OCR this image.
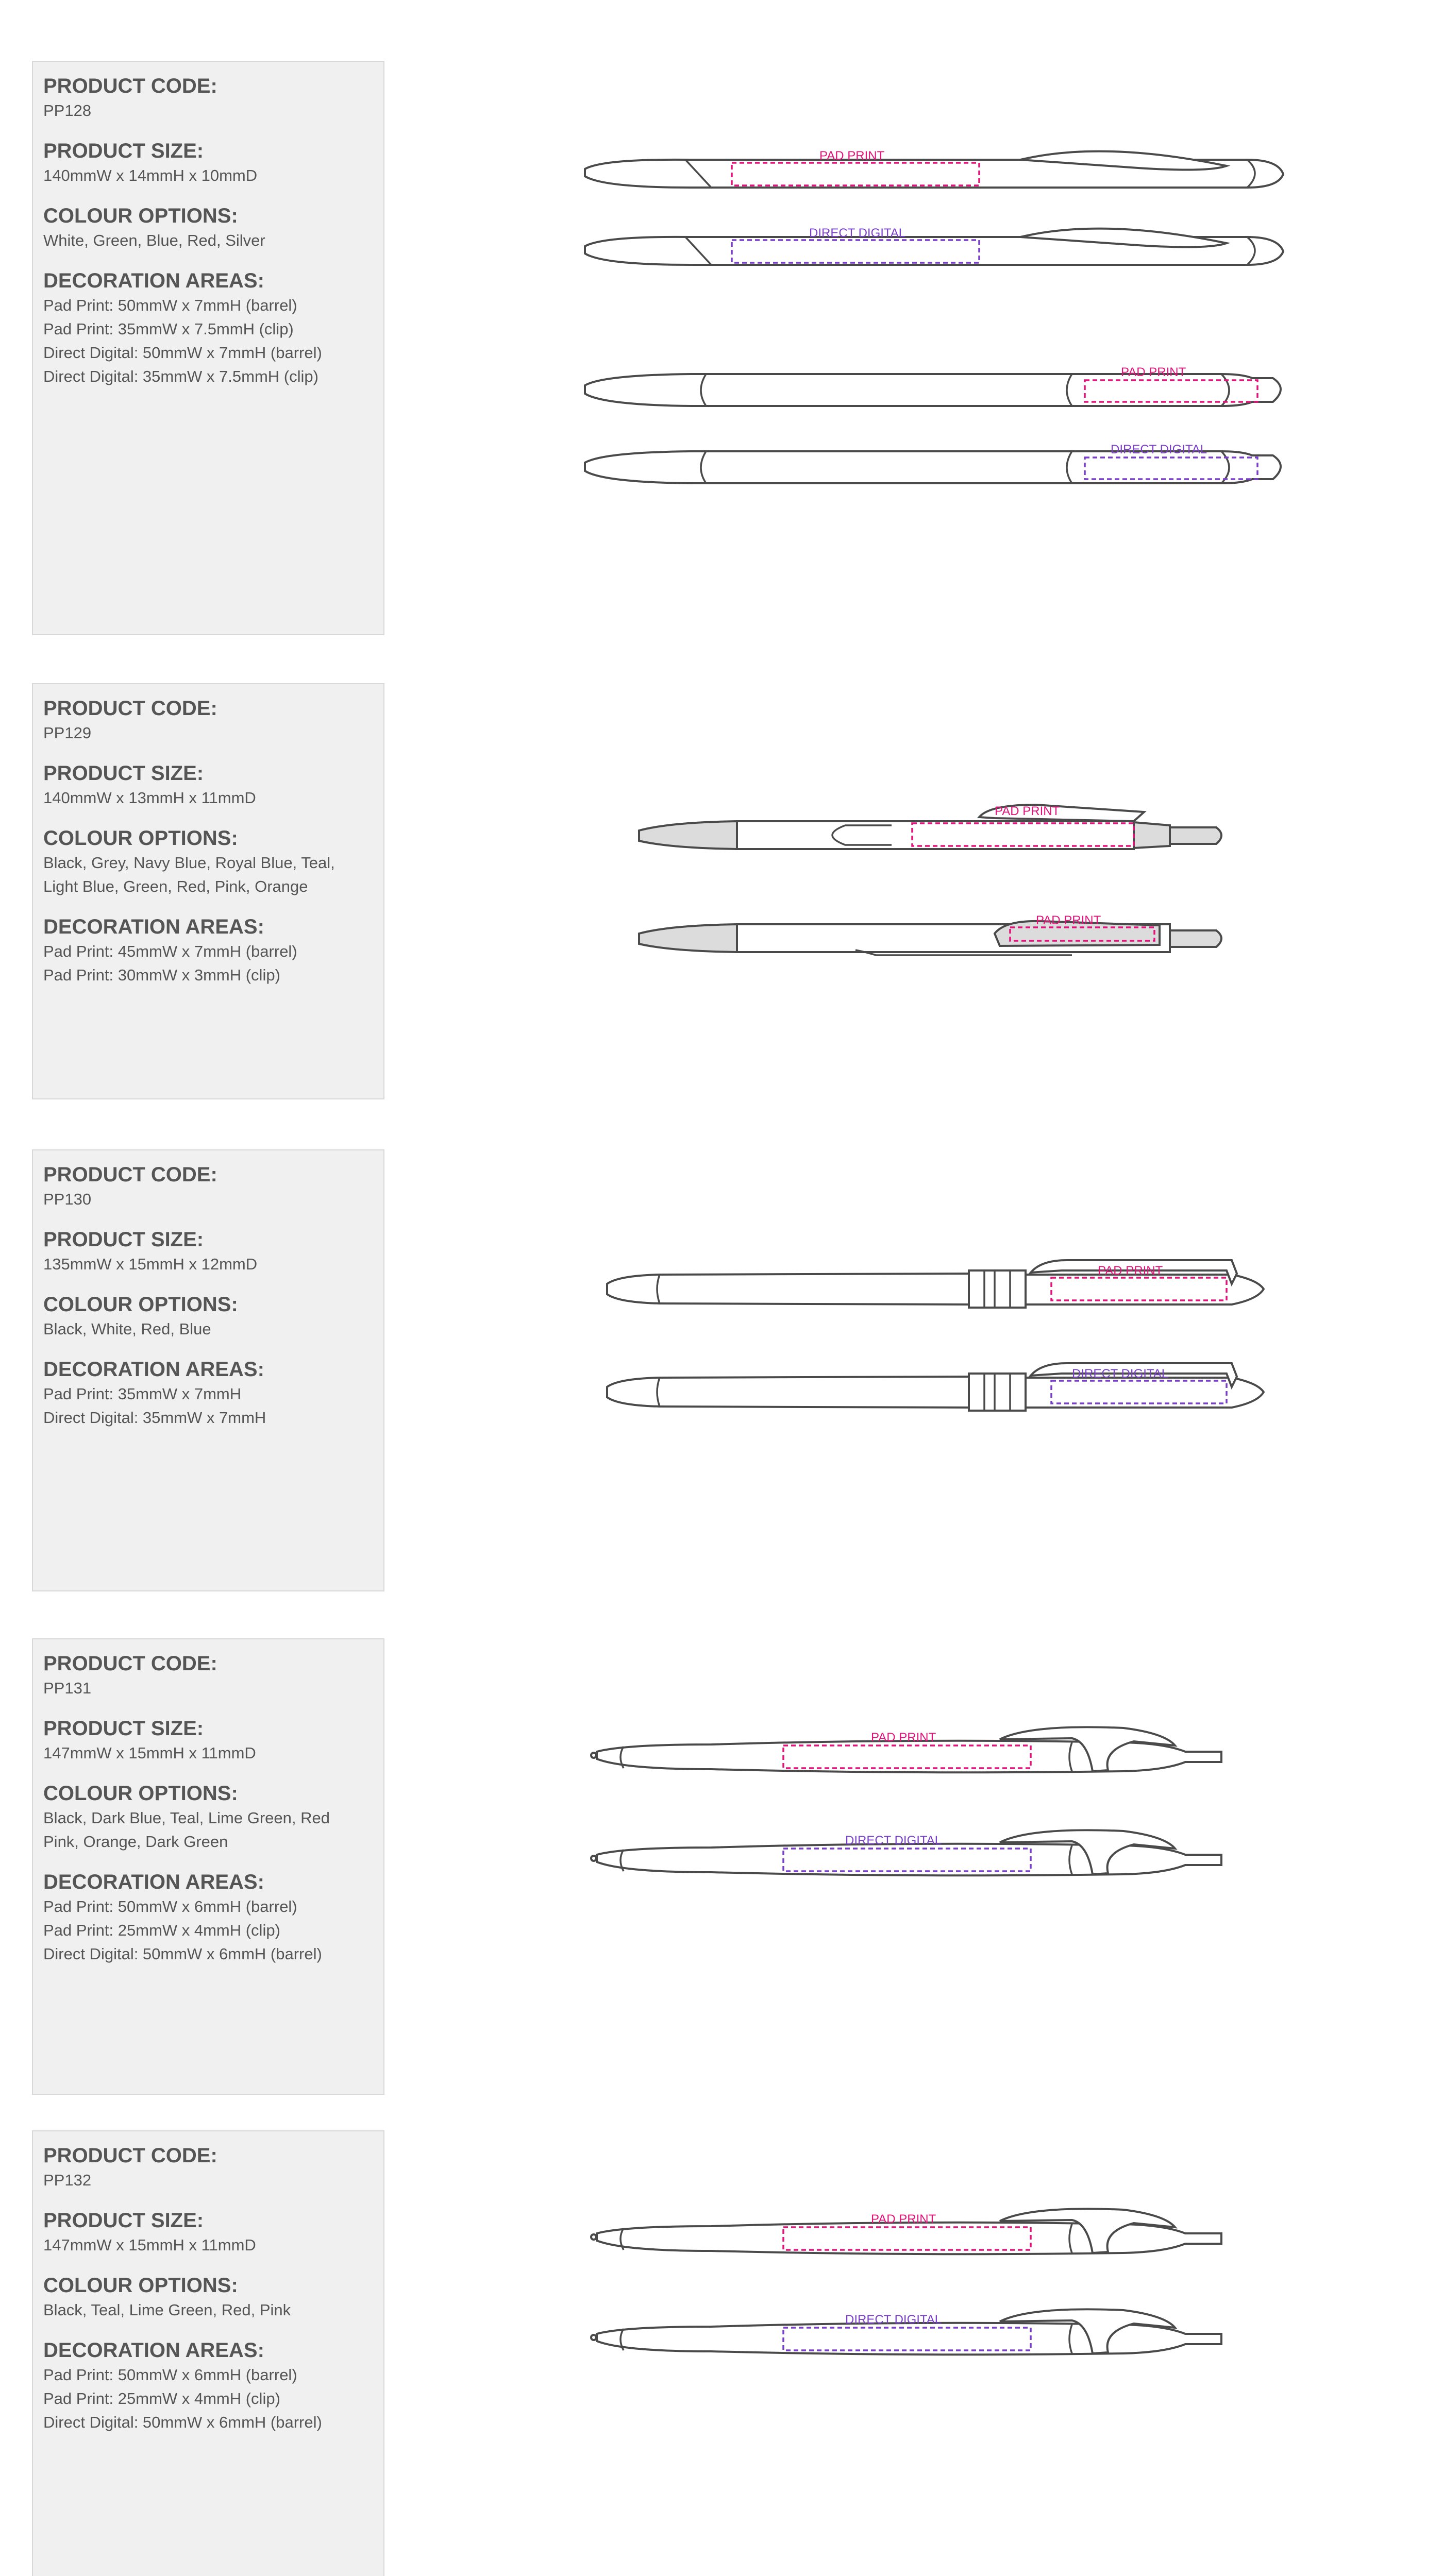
PRODUCT CODE:
PP128
PRODUCT SIZE:
140mmW x 14mmH x 10mmD
COLOUR OPTIONS:
White, Green, Blue, Red, Silver
DECORATION AREAS:
Pad Print: 50mmW x 7mmH (barrel)
Pad Print: 35mmW x 7.5mmH (clip)
Direct Digital: 50mmW x 7mmH (barrel)
Direct Digital: 35mmW x 7.5mmH (clip)
PAD PRINT
DIRECT DIGITAL
PAD PRINT
DIRECT DIGITAL
PRODUCT CODE:
PP129
PRODUCT SIZE:
140mmW x 13mmH x 11mmD
COLOUR OPTIONS:
Black, Grey, Navy Blue, Royal Blue, Teal,
Light Blue, Green, Red, Pink, Orange
DECORATION AREAS:
Pad Print: 45mmW x 7mmH (barrel)
Pad Print: 30mmW x 3mmH (clip)
PAD PRINT
PAD PRINT
PRODUCT CODE:
PP130
PRODUCT SIZE:
135mmW x 15mmH x 12mmD
COLOUR OPTIONS:
Black, White, Red, Blue
DECORATION AREAS:
Pad Print: 35mmW x 7mmH
Direct Digital: 35mmW x 7mmH
PAD PRINT
DIRECT DIGITAL
PRODUCT CODE:
PP131
PRODUCT SIZE:
147mmW x 15mmH x 11mmD
COLOUR OPTIONS:
Black, Dark Blue, Teal, Lime Green, Red
Pink, Orange, Dark Green
DECORATION AREAS:
Pad Print: 50mmW x 6mmH (barrel)
Pad Print: 25mmW x 4mmH (clip)
Direct Digital: 50mmW x 6mmH (barrel)
PAD PRINT
DIRECT DIGITAL
PRODUCT CODE:
PP132
PRODUCT SIZE:
147mmW x 15mmH x 11mmD
COLOUR OPTIONS:
Black, Teal, Lime Green, Red, Pink
DECORATION AREAS:
Pad Print: 50mmW x 6mmH (barrel)
Pad Print: 25mmW x 4mmH (clip)
Direct Digital: 50mmW x 6mmH (barrel)
PAD PRINT
DIRECT DIGITAL
